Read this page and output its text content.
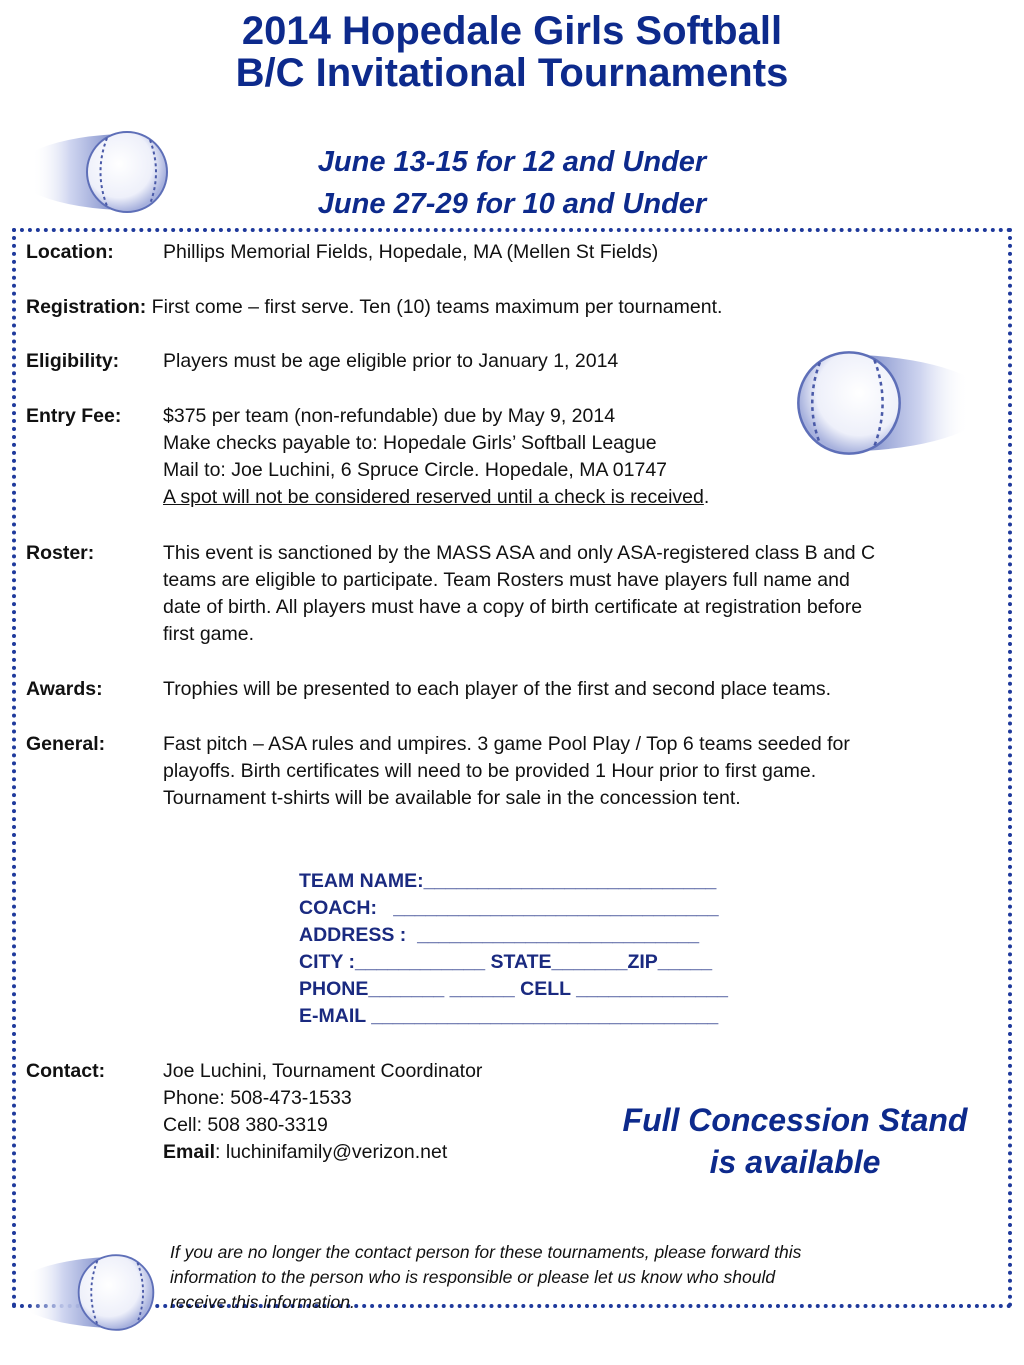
2014 Hopedale Girls Softball
B/C Invitational Tournaments
June 13-15 for 12 and Under
June 27-29 for 10 and Under
Location:	Phillips Memorial Fields, Hopedale, MA (Mellen St Fields)
Registration: First come – first serve. Ten (10) teams maximum per tournament.
Eligibility: Players must be age eligible prior to January 1, 2014
Entry Fee: $375 per team (non-refundable) due by May 9, 2014
Make checks payable to: Hopedale Girls’ Softball League
Mail to: Joe Luchini, 6 Spruce Circle. Hopedale, MA 01747
A spot will not be considered reserved until a check is received.
Roster:	This event is sanctioned by the MASS ASA and only ASA-registered class B and C
teams are eligible to participate. Team Rosters must have players full name and
date of birth. All players must have a copy of birth certificate at registration before
first game.
Awards:	Trophies will be presented to each player of the first and second place teams.
General:	Fast pitch – ASA rules and umpires. 3 game Pool Play / Top 6 teams seeded for
playoffs. Birth certificates will need to be provided 1 Hour prior to first game.
Tournament t-shirts will be available for sale in the concession tent.
TEAM NAME:___________________________
COACH:   ______________________________
ADDRESS :  __________________________
CITY :____________ STATE_______ZIP_____
PHONE_______ ______ CELL ______________
E-MAIL ________________________________
Contact:	Joe Luchini, Tournament Coordinator
Phone: 508-473-1533
Cell: 508 380-3319
Email: luchinifamily@verizon.net
Full Concession Stand
is available
If you are no longer the contact person for these tournaments, please forward this
information to the person who is responsible or please let us know who should
receive this information.
